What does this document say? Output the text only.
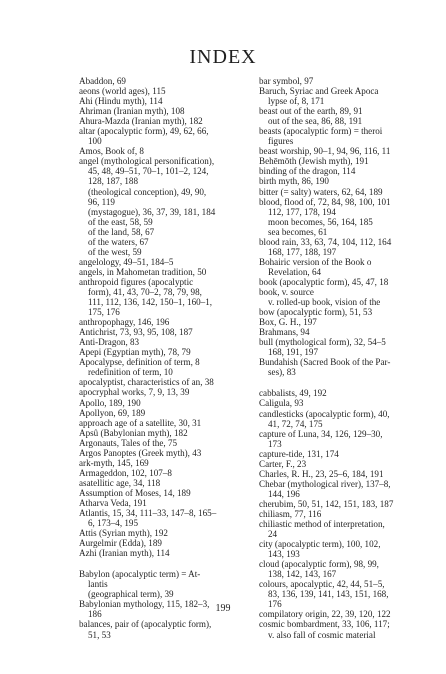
INDEX

Abaddon, 69

aeons (world ages), 115

Ahi (Hindu myth), 114

Ahriman (Iranian myth), 108

Ahura-Mazda (Iranian myth), 182

altar (apocalyptic form), 49, 62, 66,

100

Amos, Book of, 8

angel (mythological personification),

45, 48, 49–51, 70–1, 101–2, 124,

128, 187, 188

(theological conception), 49, 90,

96, 119

(mystagogue), 36, 37, 39, 181, 184

of the east, 58, 59

of the land, 58, 67

of the waters, 67

of the west, 59

angelology, 49–51, 184–5

angels, in Mahometan tradition, 50

anthropoid figures (apocalyptic

form), 41, 43, 70–2, 78, 79, 98,

111, 112, 136, 142, 150–1, 160–1,

175, 176

anthropophagy, 146, 196

Antichrist, 73, 93, 95, 108, 187

Anti-Dragon, 83

Apepi (Egyptian myth), 78, 79

Apocalypse, definition of term, 8

redefinition of term, 10

apocalyptist, characteristics of an, 38

apocryphal works, 7, 9, 13, 39

Apollo, 189, 190

Apollyon, 69, 189

approach age of a satellite, 30, 31

Apsû (Babylonian myth), 182

Argonauts, Tales of the, 75

Argos Panoptes (Greek myth), 43

ark-myth, 145, 169

Armageddon, 102, 107–8

asatellitic age, 34, 118

Assumption of Moses, 14, 189

Atharva Veda, 191

Atlantis, 15, 34, 111–33, 147–8, 165–

6, 173–4, 195

Attis (Syrian myth), 192

Aurgelmir (Edda), 189

Azhi (Iranian myth), 114

Babylon (apocalyptic term) = At-

lantis

(geographical term), 39

Babylonian mythology, 115, 182–3,

186

balances, pair of (apocalyptic form),

51, 53

bar symbol, 97

Baruch, Syriac and Greek Apoca

lypse of, 8, 171

beast out of the earth, 89, 91

out of the sea, 86, 88, 191

beasts (apocalyptic form) = theroi

figures

beast worship, 90–1, 94, 96, 116, 11

Behēmōth (Jewish myth), 191

binding of the dragon, 114

birth myth, 86, 190

bitter (= salty) waters, 62, 64, 189

blood, flood of, 72, 84, 98, 100, 101

112, 177, 178, 194

moon becomes, 56, 164, 185

sea becomes, 61

blood rain, 33, 63, 74, 104, 112, 164

168, 177, 188, 197

Bohairic version of the Book o

Revelation, 64

book (apocalyptic form), 45, 47, 18

book, v. source

v. rolled-up book, vision of the

bow (apocalyptic form), 51, 53

Box, G. H., 197

Brahmans, 94

bull (mythological form), 32, 54–5

168, 191, 197

Bundahish (Sacred Book of the Par-

ses), 83

cabbalists, 49, 192

Caligula, 93

candlesticks (apocalyptic form), 40,

41, 72, 74, 175

capture of Luna, 34, 126, 129–30,

173

capture-tide, 131, 174

Carter, F., 23

Charles, R. H., 23, 25–6, 184, 191

Chebar (mythological river), 137–8,

144, 196

cherubim, 50, 51, 142, 151, 183, 187

chiliasm, 77, 116

chiliastic method of interpretation,

24

city (apocalyptic term), 100, 102,

143, 193

cloud (apocalyptic form), 98, 99,

138, 142, 143, 167

colours, apocalyptic, 42, 44, 51–5,

83, 136, 139, 141, 143, 151, 168,

176

compilatory origin, 22, 39, 120, 122

cosmic bombardment, 33, 106, 117;

v. also fall of cosmic material

199
